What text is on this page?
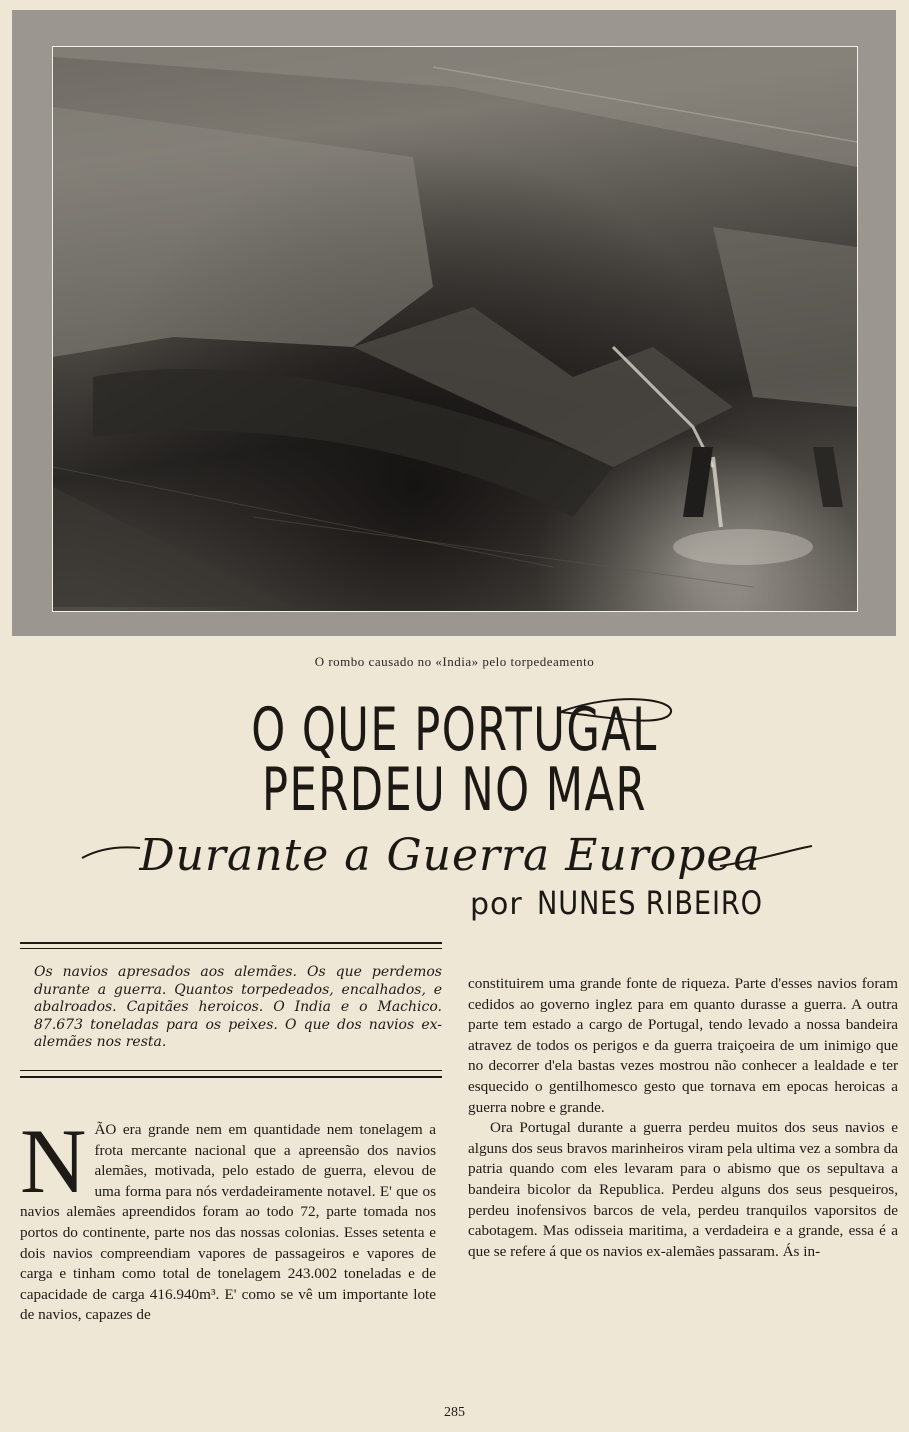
O rombo causado no «India» pelo torpedeamento
O QUE PORTUGAL
PERDEU NO MAR
Durante a Guerra Europea
por NUNES RIBEIRO
Os navios apresados aos alemães. Os que perdemos durante a guerra. Quantos torpedeados, encalhados, e abalroados. Capitães heroicos. O India e o Machico. 87.673 toneladas para os peixes. O que dos navios ex-alemães nos resta.

NÃO era grande nem em quantidade nem tonelagem a frota mercante nacional que a apreensão dos navios alemães, motivada, pelo estado de guerra, elevou de uma forma para nós verdadeiramente notavel. E' que os navios alemães apreendidos foram ao todo 72, parte tomada nos portos do continente, parte nos das nossas colonias. Esses setenta e dois navios compreendiam vapores de passageiros e vapores de carga e tinham como total de tonelagem 243.002 toneladas e de capacidade de carga 416.940m³. E' como se vê um importante lote de navios, capazes de

constituirem uma grande fonte de riqueza. Parte d'esses navios foram cedidos ao governo inglez para em quanto durasse a guerra. A outra parte tem estado a cargo de Portugal, tendo levado a nossa bandeira atravez de todos os perigos e da guerra traiçoeira de um inimigo que no decorrer d'ela bastas vezes mostrou não conhecer a lealdade e ter esquecido o gentilhomesco gesto que tornava em epocas heroicas a guerra nobre e grande.

Ora Portugal durante a guerra perdeu muitos dos seus navios e alguns dos seus bravos marinheiros viram pela ultima vez a sombra da patria quando com eles levaram para o abismo que os sepultava a bandeira bicolor da Republica. Perdeu alguns dos seus pesqueiros, perdeu inofensivos barcos de vela, perdeu tranquilos vaporsitos de cabotagem. Mas odisseia maritima, a verdadeira e a grande, essa é a que se refere á que os navios ex-alemães passaram. Ás in-

285
